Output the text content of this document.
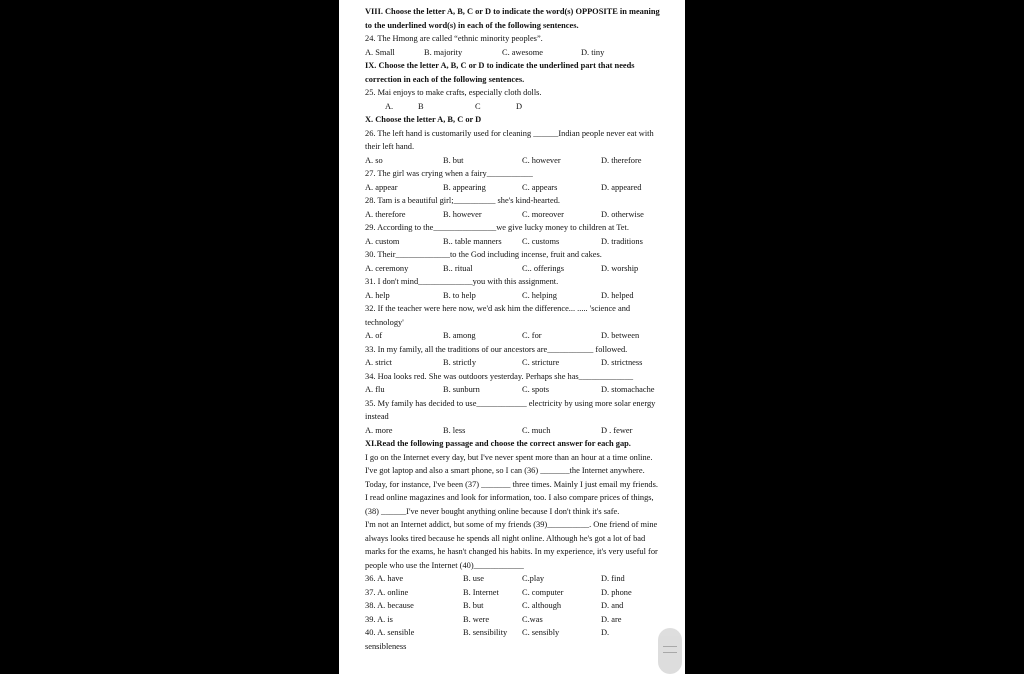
VIII. Choose the letter A, B, C or D to indicate the word(s) OPPOSITE in meaning to the underlined word(s) in each of the following sentences.
24. The Hmong are called “ethnic minority peoples”.
A. Small	B. majority	C. awesome	D. tiny
IX. Choose the letter A, B, C or D to indicate the underlined part that needs correction in each of the following sentences.
25. Mai enjoys to make crafts, especially cloth dolls.
A.	B	C	D
X. Choose the letter A, B, C or D
26. The left hand is customarily used for cleaning ______Indian people never eat with their left hand.
A. so	B. but	C. however	D. therefore
27. The girl was crying when a fairy___________
A. appear	B. appearing	C. appears	D. appeared
28. Tam is a beautiful girl;__________ she's kind-hearted.
A. therefore	B. however	C. moreover	D. otherwise
29. According to the_______________we give lucky money to children at Tet.
A. custom	B.. table manners C. customs	D. traditions
30. Their_____________to the God including incense, fruit and cakes.
A. ceremony	B.. ritual	C.. offerings	D. worship
31. I don't mind_____________you with this assignment.
A. help	B. to help	C. helping	D. helped
32. If the teacher were here now, we'd ask him the difference... ..... 'science and technology'
A. of	B. among	C. for	D. between
33. In my family, all the traditions of our ancestors are___________ followed.
A. strict	B. strictly	C. stricture	D. strictness
34. Hoa looks red. She was outdoors yesterday. Perhaps she has_____________
A. flu	B. sunburn	C. spots	D. stomachache
35. My family has decided to use____________ electricity by using more solar energy instead
A. more	B. less	C. much	D . fewer
XI.Read the following passage and choose the correct answer for each gap.
I go on the Internet every day, but I've never spent more than an hour at a time online. I've got laptop and also a smart phone, so I can (36) _______the Internet anywhere. Today, for instance, I've been (37) _______ three times. Mainly I just email my friends. I read online magazines and look for information, too. I also compare prices of things, (38) ______I've never bought anything online because I don't think it's safe.
I'm not an Internet addict, but some of my friends (39)__________. One friend of mine always looks tired because he spends all night online. Although he's got a lot of bad marks for the exams, he hasn't changed his habits. In my experience, it's very useful for people who use the Internet (40)____________
36. A. have	B. use	C.play	D. find
37. A. online	B. Internet	C. computer	D. phone
38. A. because	B. but	C. although	D. and
39. A. is	B. were	C.was	D. are
40. A. sensible	B. sensibility C. sensibly	D.
sensibleness
